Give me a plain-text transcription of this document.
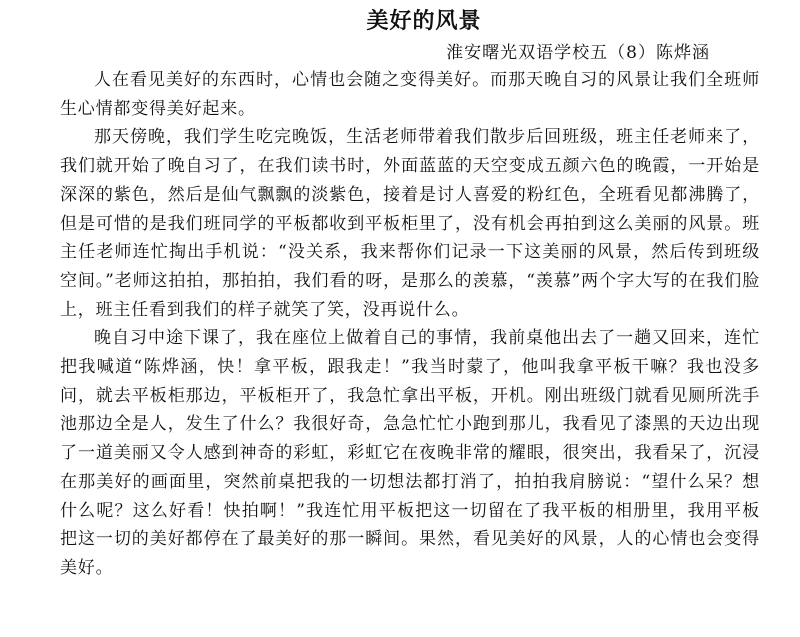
美好的风景
淮安曙光双语学校五（8）陈烨涵

人在看见美好的东西时，心情也会随之变得美好。而那天晚自习的风景让我们全班师生心情都变得美好起来。

那天傍晚，我们学生吃完晚饭，生活老师带着我们散步后回班级，班主任老师来了，我们就开始了晚自习了，在我们读书时，外面蓝蓝的天空变成五颜六色的晚霞，一开始是深深的紫色，然后是仙气飘飘的淡紫色，接着是讨人喜爱的粉红色，全班看见都沸腾了，但是可惜的是我们班同学的平板都收到平板柜里了，没有机会再拍到这么美丽的风景。班主任老师连忙掏出手机说：“没关系，我来帮你们记录一下这美丽的风景，然后传到班级空间。”老师这拍拍，那拍拍，我们看的呀，是那么的羡慕，“羡慕”两个字大写的在我们脸上，班主任看到我们的样子就笑了笑，没再说什么。

晚自习中途下课了，我在座位上做着自己的事情，我前桌他出去了一趟又回来，连忙把我喊道“陈烨涵，快！拿平板，跟我走！”我当时蒙了，他叫我拿平板干嘛？我也没多问，就去平板柜那边，平板柜开了，我急忙拿出平板，开机。刚出班级门就看见厕所洗手池那边全是人，发生了什么？我很好奇，急急忙忙小跑到那儿，我看见了漆黑的天边出现了一道美丽又令人感到神奇的彩虹，彩虹它在夜晚非常的耀眼，很突出，我看呆了，沉浸在那美好的画面里，突然前桌把我的一切想法都打消了，拍拍我肩膀说：“望什么呆？想什么呢？这么好看！快拍啊！”我连忙用平板把这一切留在了我平板的相册里，我用平板把这一切的美好都停在了最美好的那一瞬间。果然，看见美好的风景，人的心情也会变得美好。
